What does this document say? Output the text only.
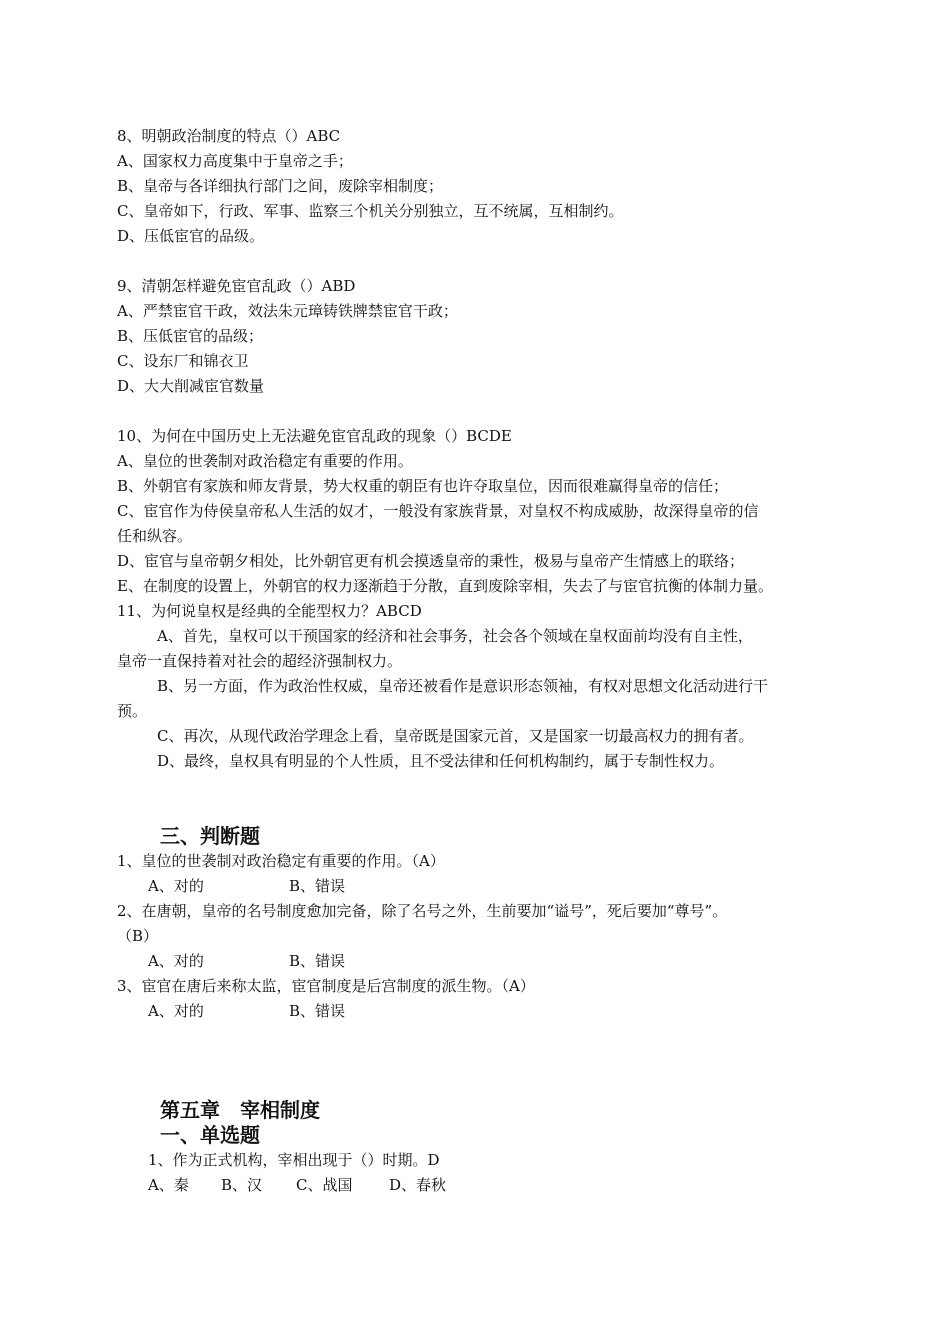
8、明朝政治制度的特点（）ABC
A、国家权力高度集中于皇帝之手；
B、皇帝与各详细执行部门之间，废除宰相制度；
C、皇帝如下，行政、军事、监察三个机关分别独立，互不统属，互相制约。
D、压低宦官的品级。
9、清朝怎样避免宦官乱政（）ABD
A、严禁宦官干政，效法朱元璋铸铁牌禁宦官干政；
B、压低宦官的品级；
C、设东厂和锦衣卫
D、大大削减宦官数量
10、为何在中国历史上无法避免宦官乱政的现象（）BCDE
A、皇位的世袭制对政治稳定有重要的作用。
B、外朝官有家族和师友背景，势大权重的朝臣有也许夺取皇位，因而很难赢得皇帝的信任；
C、宦官作为侍侯皇帝私人生活的奴才，一般没有家族背景，对皇权不构成威胁，故深得皇帝的信
任和纵容。
D、宦官与皇帝朝夕相处，比外朝官更有机会摸透皇帝的秉性，极易与皇帝产生情感上的联络；
E、在制度的设置上，外朝官的权力逐渐趋于分散，直到废除宰相，失去了与宦官抗衡的体制力量。
11、为何说皇权是经典的全能型权力？ABCD
A、首先，皇权可以干预国家的经济和社会事务，社会各个领域在皇权面前均没有自主性，
皇帝一直保持着对社会的超经济强制权力。
B、另一方面，作为政治性权威，皇帝还被看作是意识形态领袖，有权对思想文化活动进行干
预。
C、再次，从现代政治学理念上看，皇帝既是国家元首，又是国家一切最高权力的拥有者。
D、最终，皇权具有明显的个人性质，且不受法律和任何机构制约，属于专制性权力。
三、判断题
1、皇位的世袭制对政治稳定有重要的作用。（A）
A、对的	B、错误
2、在唐朝，皇帝的名号制度愈加完备，除了名号之外，生前要加“谥号”，死后要加“尊号”。
（B）
A、对的	B、错误
3、宦官在唐后来称太监，宦官制度是后宫制度的派生物。（A）
A、对的	B、错误
第五章　宰相制度
一、单选题
1、作为正式机构，宰相出现于（）时期。D
A、秦 B、汉 C、战国 D、春秋
